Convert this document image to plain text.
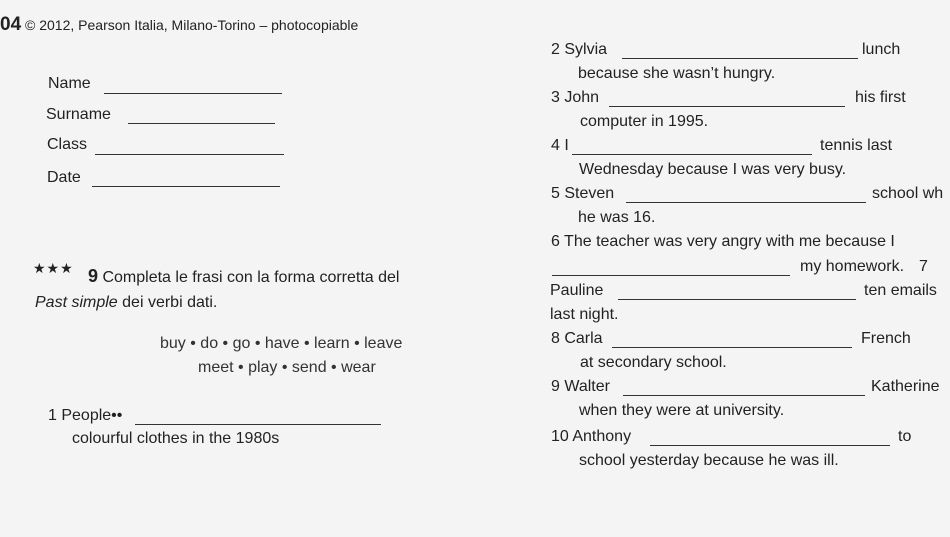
04 © 2012, Pearson Italia, Milano-Torino – photocopiable
Name
Surname
Class
Date
★★★ 9 Completa le frasi con la forma corretta del
Past simple dei verbi dati.
buy • do • go • have • learn • leave
meet • play • send • wear
1 People••
colourful clothes in the 1980s
2 Sylvia	lunch
because she wasn’t hungry.
3 John	his first
computer in 1995.
4 I	tennis last
Wednesday because I was very busy.
5 Steven	school wh
he was 16.
6 The teacher was very angry with me because I
my homework. 7
Pauline	ten emails
last night.
8 Carla	French
at secondary school.
9 Walter	Katherine
when they were at university.
10 Anthony	to
school yesterday because he was ill.
